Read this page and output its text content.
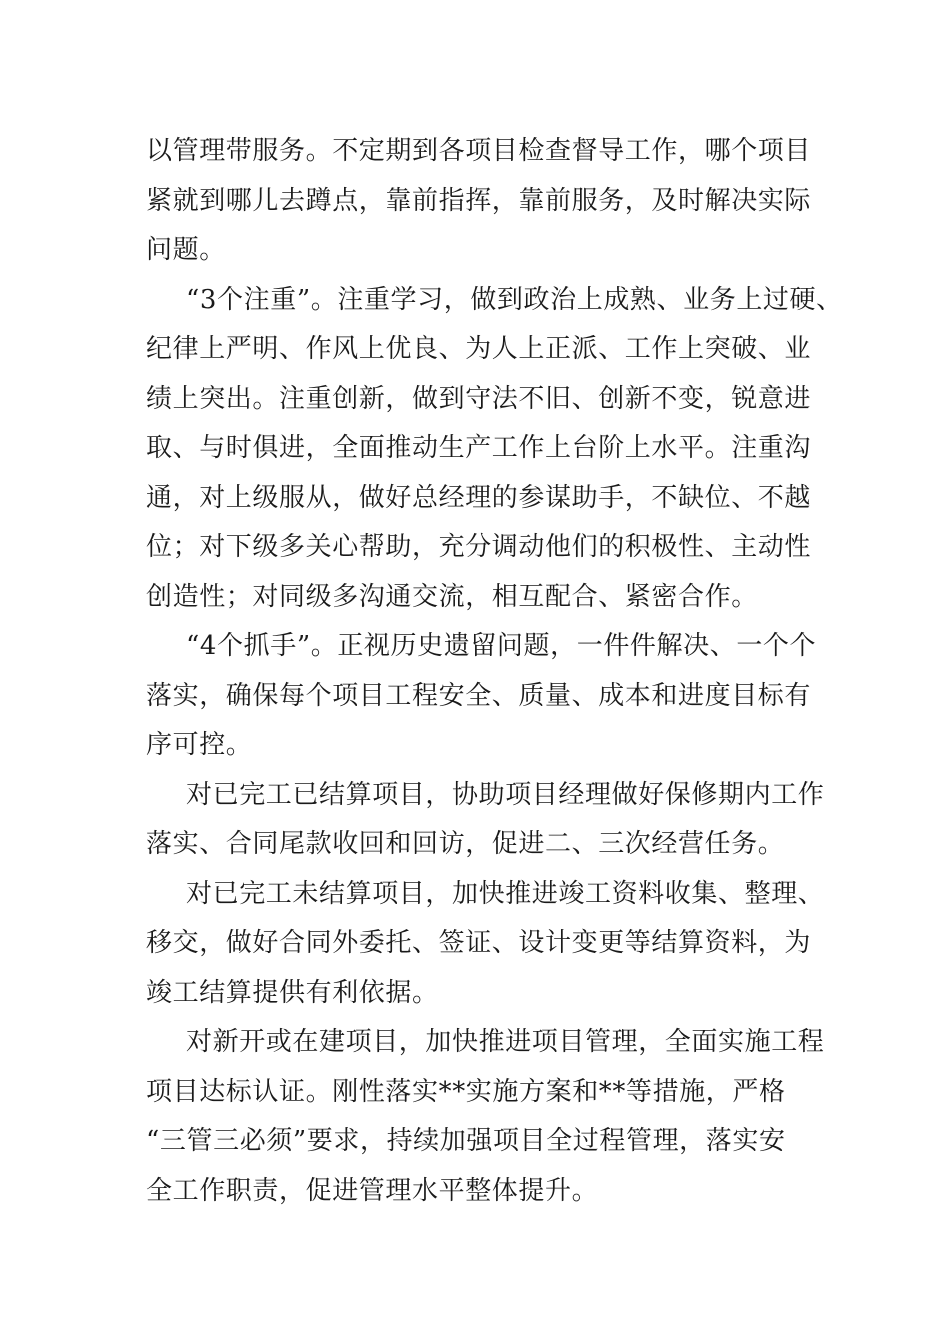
以管理带服务。不定期到各项目检查督导工作，哪个项目
紧就到哪儿去蹲点，靠前指挥，靠前服务，及时解决实际
问题。

“3个注重”。注重学习，做到政治上成熟、业务上过硬、
纪律上严明、作风上优良、为人上正派、工作上突破、业
绩上突出。注重创新，做到守法不旧、创新不变，锐意进
取、与时俱进，全面推动生产工作上台阶上水平。注重沟
通，对上级服从，做好总经理的参谋助手，不缺位、不越
位；对下级多关心帮助，充分调动他们的积极性、主动性
创造性；对同级多沟通交流，相互配合、紧密合作。

“4个抓手”。正视历史遗留问题，一件件解决、一个个
落实，确保每个项目工程安全、质量、成本和进度目标有
序可控。

对已完工已结算项目，协助项目经理做好保修期内工作
落实、合同尾款收回和回访，促进二、三次经营任务。

对已完工未结算项目，加快推进竣工资料收集、整理、
移交，做好合同外委托、签证、设计变更等结算资料，为
竣工结算提供有利依据。

对新开或在建项目，加快推进项目管理，全面实施工程
项目达标认证。刚性落实**实施方案和**等措施，严格
“三管三必须”要求，持续加强项目全过程管理，落实安
全工作职责，促进管理水平整体提升。
